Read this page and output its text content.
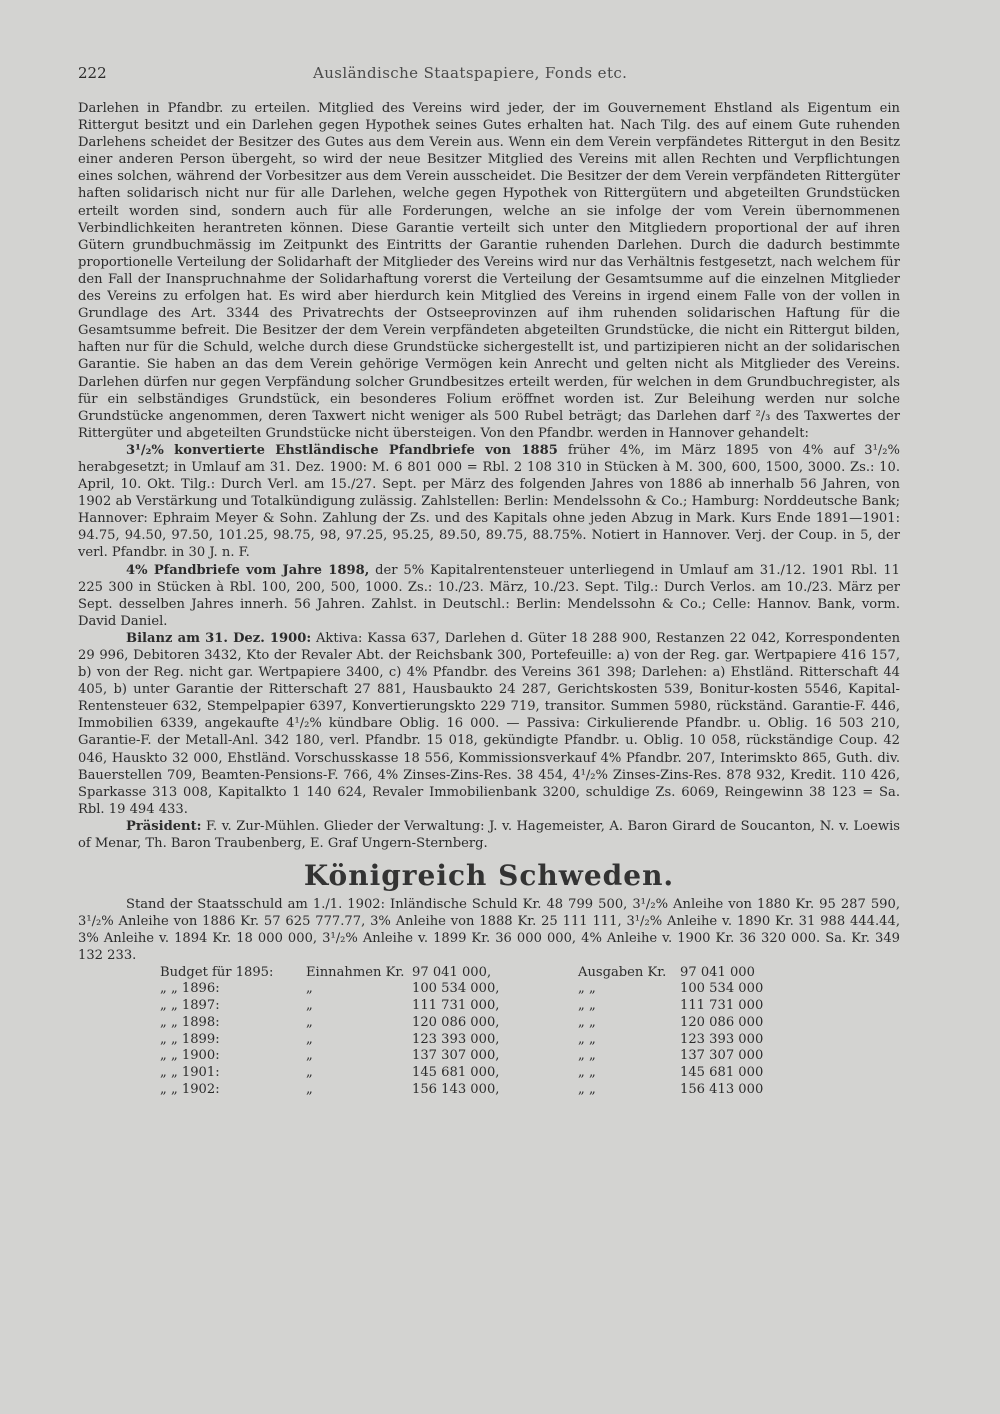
222	Ausländische Staatspapiere, Fonds etc.

Darlehen in Pfandbr. zu erteilen. Mitglied des Vereins wird jeder, der im Gouvernement Ehstland als Eigentum ein Rittergut besitzt und ein Darlehen gegen Hypothek seines Gutes erhalten hat. Nach Tilg. des auf einem Gute ruhenden Darlehens scheidet der Besitzer des Gutes aus dem Verein aus. Wenn ein dem Verein verpfändetes Rittergut in den Besitz einer anderen Person übergeht, so wird der neue Besitzer Mitglied des Vereins mit allen Rechten und Verpflichtungen eines solchen, während der Vorbesitzer aus dem Verein ausscheidet. Die Besitzer der dem Verein verpfändeten Rittergüter haften solidarisch nicht nur für alle Darlehen, welche gegen Hypothek von Rittergütern und abgeteilten Grundstücken erteilt worden sind, sondern auch für alle Forderungen, welche an sie infolge der vom Verein übernommenen Verbindlichkeiten herantreten können. Diese Garantie verteilt sich unter den Mitgliedern proportional der auf ihren Gütern grundbuchmässig im Zeitpunkt des Eintritts der Garantie ruhenden Darlehen. Durch die dadurch bestimmte proportionelle Verteilung der Solidarhaft der Mitglieder des Vereins wird nur das Verhältnis festgesetzt, nach welchem für den Fall der Inanspruchnahme der Solidarhaftung vorerst die Verteilung der Gesamtsumme auf die einzelnen Mitglieder des Vereins zu erfolgen hat. Es wird aber hierdurch kein Mitglied des Vereins in irgend einem Falle von der vollen in Grundlage des Art. 3344 des Privatrechts der Ostseeprovinzen auf ihm ruhenden solidarischen Haftung für die Gesamtsumme befreit. Die Besitzer der dem Verein verpfändeten abgeteilten Grundstücke, die nicht ein Rittergut bilden, haften nur für die Schuld, welche durch diese Grundstücke sichergestellt ist, und partizipieren nicht an der solidarischen Garantie. Sie haben an das dem Verein gehörige Vermögen kein Anrecht und gelten nicht als Mitglieder des Vereins. Darlehen dürfen nur gegen Verpfändung solcher Grundbesitzes erteilt werden, für welchen in dem Grundbuchregister, als für ein selbständiges Grundstück, ein besonderes Folium eröffnet worden ist. Zur Beleihung werden nur solche Grundstücke angenommen, deren Taxwert nicht weniger als 500 Rubel beträgt; das Darlehen darf ²/₃ des Taxwertes der Rittergüter und abgeteilten Grundstücke nicht übersteigen. Von den Pfandbr. werden in Hannover gehandelt:

3¹/₂% konvertierte Ehstländische Pfandbriefe von 1885 früher 4%, im März 1895 von 4% auf 3¹/₂% herabgesetzt; in Umlauf am 31. Dez. 1900: M. 6 801 000 = Rbl. 2 108 310 in Stücken à M. 300, 600, 1500, 3000. Zs.: 10. April, 10. Okt. Tilg.: Durch Verl. am 15./27. Sept. per März des folgenden Jahres von 1886 ab innerhalb 56 Jahren, von 1902 ab Verstärkung und Totalkündigung zulässig. Zahlstellen: Berlin: Mendelssohn & Co.; Hamburg: Norddeutsche Bank; Hannover: Ephraim Meyer & Sohn. Zahlung der Zs. und des Kapitals ohne jeden Abzug in Mark. Kurs Ende 1891—1901: 94.75, 94.50, 97.50, 101.25, 98.75, 98, 97.25, 95.25, 89.50, 89.75, 88.75%. Notiert in Hannover. Verj. der Coup. in 5, der verl. Pfandbr. in 30 J. n. F.

4% Pfandbriefe vom Jahre 1898, der 5% Kapitalrentensteuer unterliegend in Umlauf am 31./12. 1901 Rbl. 11 225 300 in Stücken à Rbl. 100, 200, 500, 1000. Zs.: 10./23. März, 10./23. Sept. Tilg.: Durch Verlos. am 10./23. März per Sept. desselben Jahres innerh. 56 Jahren. Zahlst. in Deutschl.: Berlin: Mendelssohn & Co.; Celle: Hannov. Bank, vorm. David Daniel.

Bilanz am 31. Dez. 1900: Aktiva: Kassa 637, Darlehen d. Güter 18 288 900, Restanzen 22 042, Korrespondenten 29 996, Debitoren 3432, Kto der Revaler Abt. der Reichsbank 300, Portefeuille: a) von der Reg. gar. Wertpapiere 416 157, b) von der Reg. nicht gar. Wertpapiere 3400, c) 4% Pfandbr. des Vereins 361 398; Darlehen: a) Ehstländ. Ritterschaft 44 405, b) unter Garantie der Ritterschaft 27 881, Hausbaukto 24 287, Gerichtskosten 539, Bonitur-kosten 5546, Kapital-Rentensteuer 632, Stempelpapier 6397, Konvertierungskto 229 719, transitor. Summen 5980, rückständ. Garantie-F. 446, Immobilien 6339, angekaufte 4¹/₂% kündbare Oblig. 16 000. — Passiva: Cirkulierende Pfandbr. u. Oblig. 16 503 210, Garantie-F. der Metall-Anl. 342 180, verl. Pfandbr. 15 018, gekündigte Pfandbr. u. Oblig. 10 058, rückständige Coup. 42 046, Hauskto 32 000, Ehstländ. Vorschusskasse 18 556, Kommissionsverkauf 4% Pfandbr. 207, Interimskto 865, Guth. div. Bauerstellen 709, Beamten-Pensions-F. 766, 4% Zinses-Zins-Res. 38 454, 4¹/₂% Zinses-Zins-Res. 878 932, Kredit. 110 426, Sparkasse 313 008, Kapitalkto 1 140 624, Revaler Immobilienbank 3200, schuldige Zs. 6069, Reingewinn 38 123 = Sa. Rbl. 19 494 433.

Präsident: F. v. Zur-Mühlen. Glieder der Verwaltung: J. v. Hagemeister, A. Baron Girard de Soucanton, N. v. Loewis of Menar, Th. Baron Traubenberg, E. Graf Ungern-Sternberg.

Königreich Schweden.

Stand der Staatsschuld am 1./1. 1902: Inländische Schuld Kr. 48 799 500, 3¹/₂% Anleihe von 1880 Kr. 95 287 590, 3¹/₂% Anleihe von 1886 Kr. 57 625 777.77, 3% Anleihe von 1888 Kr. 25 111 111, 3¹/₂% Anleihe v. 1890 Kr. 31 988 444.44, 3% Anleihe v. 1894 Kr. 18 000 000, 3¹/₂% Anleihe v. 1899 Kr. 36 000 000, 4% Anleihe v. 1900 Kr. 36 320 000. Sa. Kr. 349 132 233.

Budget für 1895:	Einnahmen Kr.	97 041 000,	Ausgaben Kr.	97 041 000
„ „ 1896:	„	100 534 000,	„ „	100 534 000
„ „ 1897:	„	111 731 000,	„ „	111 731 000
„ „ 1898:	„	120 086 000,	„ „	120 086 000
„ „ 1899:	„	123 393 000,	„ „	123 393 000
„ „ 1900:	„	137 307 000,	„ „	137 307 000
„ „ 1901:	„	145 681 000,	„ „	145 681 000
„ „ 1902:	„	156 143 000,	„ „	156 413 000
